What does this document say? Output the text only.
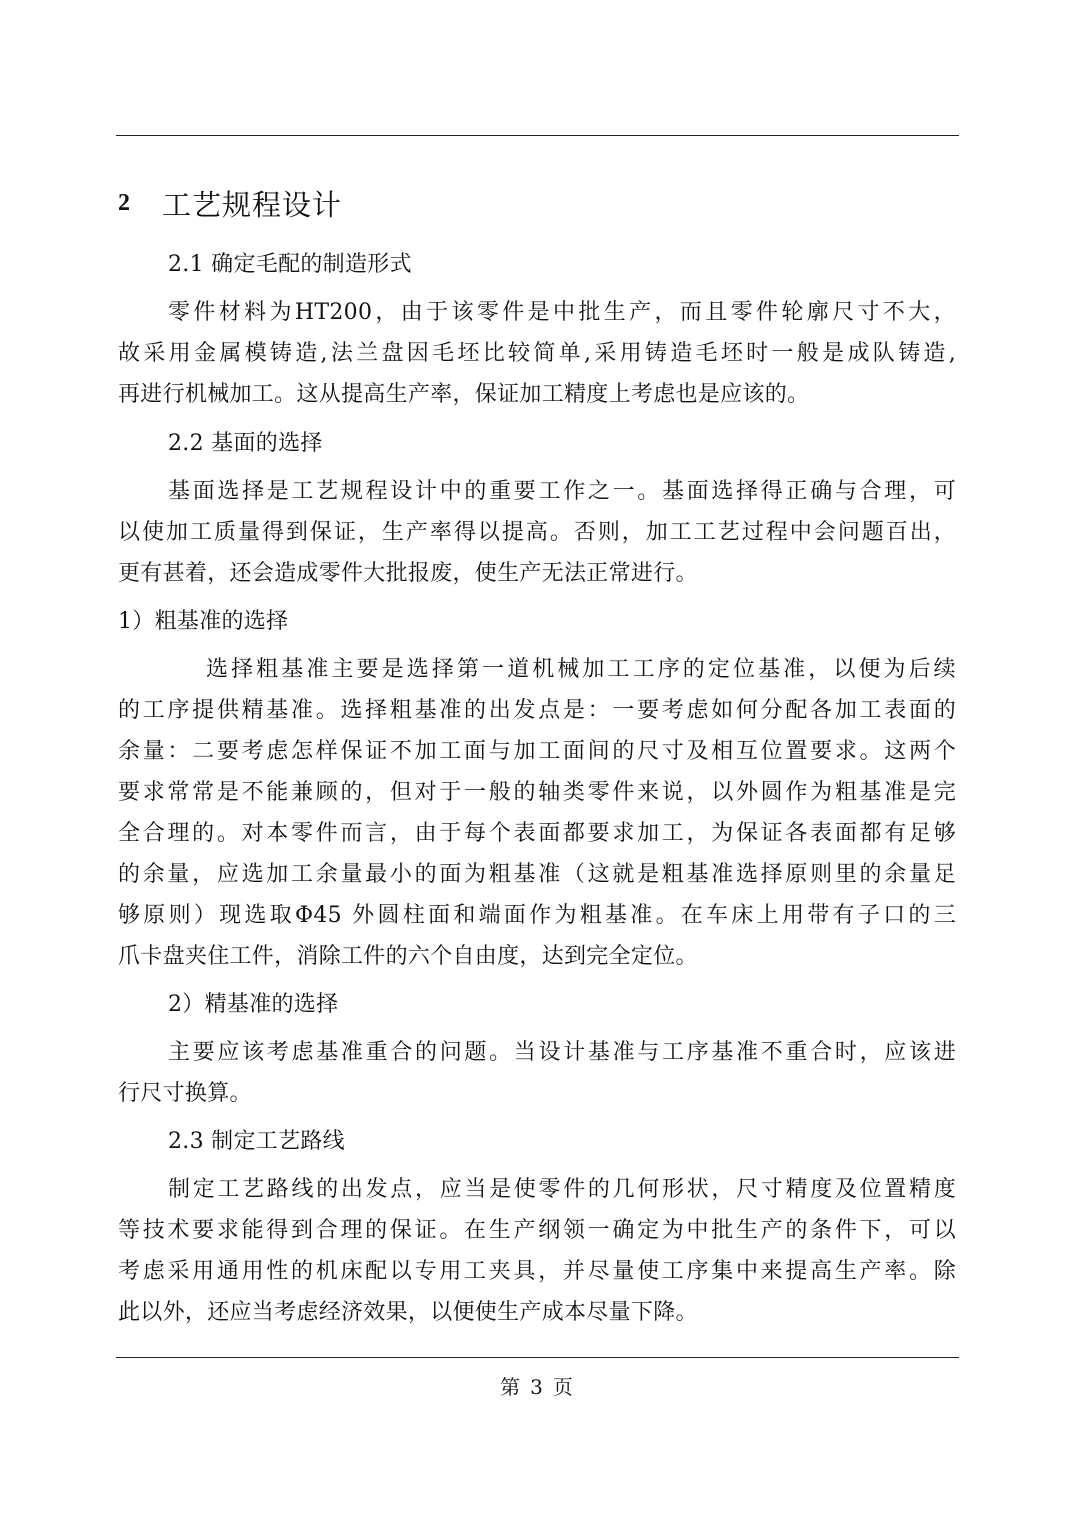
2	工艺规程设计
2.1 确定毛配的制造形式
零件材料为HT200，由于该零件是中批生产，而且零件轮廓尺寸不大，
故采用金属模铸造,法兰盘因毛坯比较简单,采用铸造毛坯时一般是成队铸造,
再进行机械加工。这从提高生产率，保证加工精度上考虑也是应该的。
2.2 基面的选择
基面选择是工艺规程设计中的重要工作之一。基面选择得正确与合理，可
以使加工质量得到保证，生产率得以提高。否则，加工工艺过程中会问题百出，
更有甚着，还会造成零件大批报废，使生产无法正常进行。
1）粗基准的选择
选择粗基准主要是选择第一道机械加工工序的定位基准，以便为后续
的工序提供精基准。选择粗基准的出发点是：一要考虑如何分配各加工表面的
余量：二要考虑怎样保证不加工面与加工面间的尺寸及相互位置要求。这两个
要求常常是不能兼顾的，但对于一般的轴类零件来说，以外圆作为粗基准是完
全合理的。对本零件而言，由于每个表面都要求加工，为保证各表面都有足够
的余量，应选加工余量最小的面为粗基准（这就是粗基准选择原则里的余量足
够原则）现选取Φ45 外圆柱面和端面作为粗基准。在车床上用带有子口的三
爪卡盘夹住工件，消除工件的六个自由度，达到完全定位。
2）精基准的选择
主要应该考虑基准重合的问题。当设计基准与工序基准不重合时，应该进
行尺寸换算。
2.3 制定工艺路线
制定工艺路线的出发点，应当是使零件的几何形状，尺寸精度及位置精度
等技术要求能得到合理的保证。在生产纲领一确定为中批生产的条件下，可以
考虑采用通用性的机床配以专用工夹具，并尽量使工序集中来提高生产率。除
此以外，还应当考虑经济效果，以便使生产成本尽量下降。
第 3 页
